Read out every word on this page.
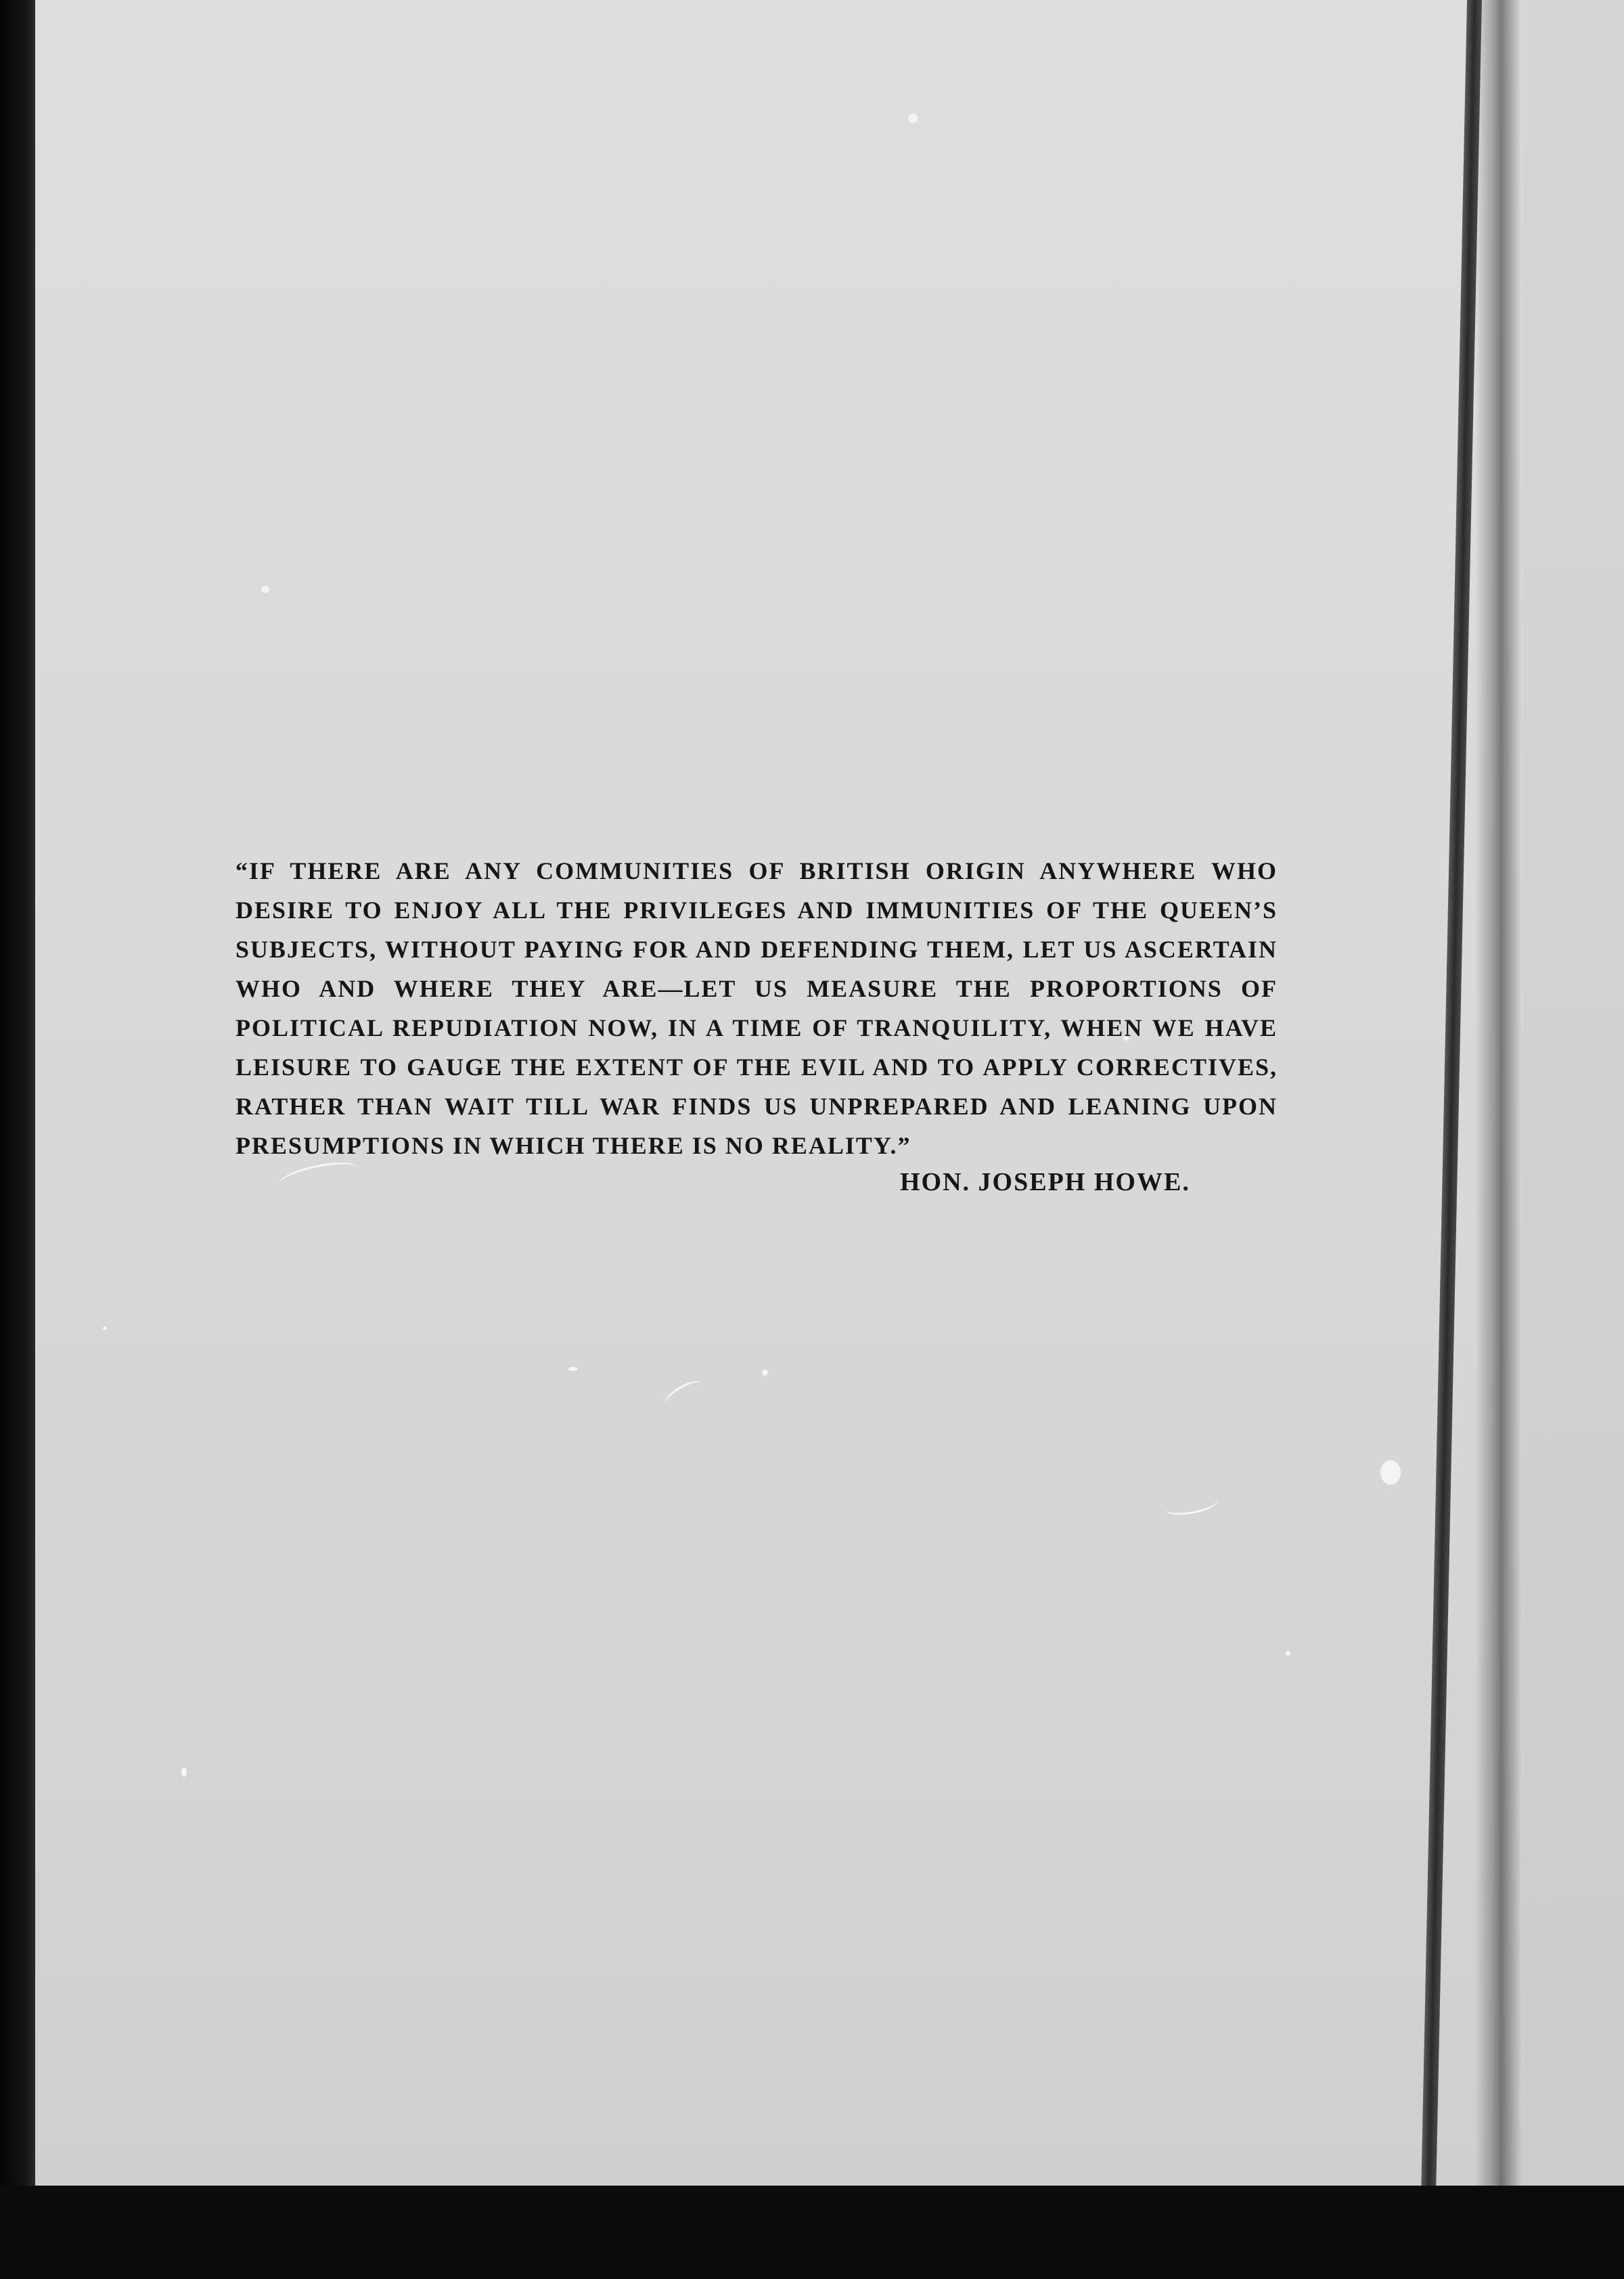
“IF THERE ARE ANY COMMUNITIES OF BRITISH ORIGIN ANYWHERE WHO
DESIRE TO ENJOY ALL THE PRIVILEGES AND IMMUNITIES OF THE QUEEN’S
SUBJECTS, WITHOUT PAYING FOR AND DEFENDING THEM, LET US ASCERTAIN
WHO AND WHERE THEY ARE—LET US MEASURE THE PROPORTIONS OF
POLITICAL REPUDIATION NOW, IN A TIME OF TRANQUILITY, WHEN WE HAVE
LEISURE TO GAUGE THE EXTENT OF THE EVIL AND TO APPLY CORRECTIVES,
RATHER THAN WAIT TILL WAR FINDS US UNPREPARED AND LEANING UPON
PRESUMPTIONS IN WHICH THERE IS NO REALITY.”
HON. JOSEPH HOWE.
